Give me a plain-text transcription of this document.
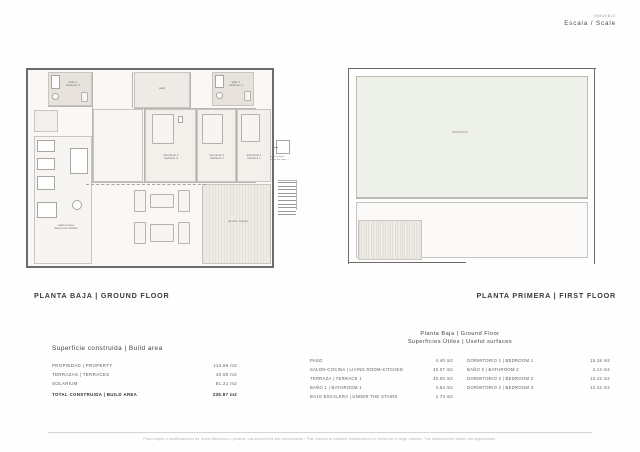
INMUEBLE
Escala / Scale
baño 2
bathroom 2
patio
baño 1
bathroom 1
dormitorio 3
bedroom 3
dormitorio 2
bedroom 2
dormitorio 1
bedroom 1
salón-cocina
living room-kitchen
terraza / terrace
bajo escalera
under the stairs
PLANTA BAJA | GROUND FLOOR
solarium
PLANTA PRIMERA | FIRST FLOOR
Superficie construida | Build area
PROPIEDAD | PROPERTY	114.66 m2
TERRAZAS | TERRACES	40.00 m2
SOLARIUM	81.21 m2
TOTAL CONSTRUIDA | BUILD AREA	235.87 m2
Planta Baja | Ground Floor
Superficies Útiles | Useful surfaces
PASO	4.40 m2
SALON-COCINA | LIVING ROOM-KITCHEN	40.07 m2
TERRAZA | TERRACE 1	40.00 m2
BAÑO 1 | BATHROOM 1	4.54 m2
BAJO ESCALERA | UNDER THE STAIRS	1.73 m2
DORMITORIO 1 | BEDROOM 1	15.18 m2
BAÑO 2 | BATHROOM 2	4.14 m2
DORMITORIO 2 | BEDROOM 2	12.42 m2
DORMITORIO 3 | BEDROOM 3	12.42 m2
Plano sujeto a modificaciones de Invest Mecánica o jurídica. Las superficies son aproximadas / Plan subject to possible modifications for technical or legal reasons. The measurement shown are approximate.
